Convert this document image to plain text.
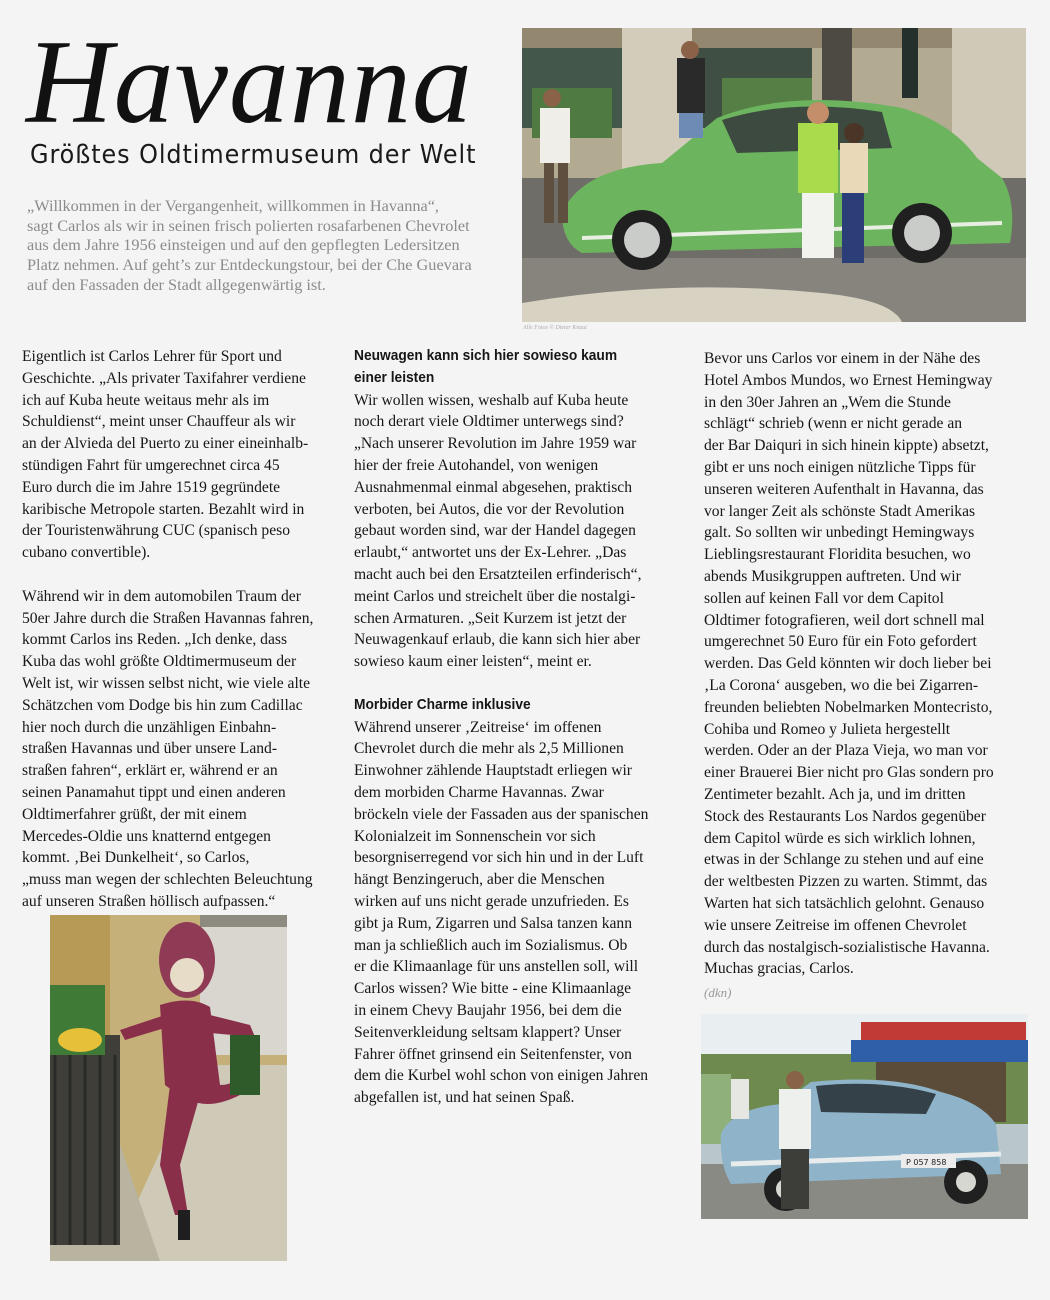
Havanna
Größtes Oldtimermuseum der Welt

„Willkommen in der Vergangenheit, willkommen in Havanna“,
sagt Carlos als wir in seinen frisch polierten rosafarbenen Chevrolet
aus dem Jahre 1956 einsteigen und auf den gepflegten Ledersitzen
Platz nehmen. Auf geht’s zur Entdeckungstour, bei der Che Guevara
auf den Fassaden der Stadt allgegenwärtig ist.

Alle Fotos © Dieter Knaut
Eigentlich ist Carlos Lehrer für Sport und
Geschichte. „Als privater Taxifahrer verdiene
ich auf Kuba heute weitaus mehr als im
Schuldienst“, meint unser Chauffeur als wir
an der Alvieda del Puerto zu einer eineinhalb-
stündigen Fahrt für umgerechnet circa 45
Euro durch die im Jahre 1519 gegründete
karibische Metropole starten. Bezahlt wird in
der Touristenwährung CUC (spanisch peso
cubano convertible).
Während wir in dem automobilen Traum der
50er Jahre durch die Straßen Havannas fahren,
kommt Carlos ins Reden. „Ich denke, dass
Kuba das wohl größte Oldtimermuseum der
Welt ist, wir wissen selbst nicht, wie viele alte
Schätzchen vom Dodge bis hin zum Cadillac
hier noch durch die unzähligen Einbahn-
straßen Havannas und über unsere Land-
straßen fahren“, erklärt er, während er an
seinen Panamahut tippt und einen anderen
Oldtimerfahrer grüßt, der mit einem
Mercedes-Oldie uns knatternd entgegen
kommt. ‚Bei Dunkelheit‘, so Carlos,
„muss man wegen der schlechten Beleuchtung
auf unseren Straßen höllisch aufpassen.“
Neuwagen kann sich hier sowieso kaum
einer leisten
Wir wollen wissen, weshalb auf Kuba heute
noch derart viele Oldtimer unterwegs sind?
„Nach unserer Revolution im Jahre 1959 war
hier der freie Autohandel, von wenigen
Ausnahmenmal einmal abgesehen, praktisch
verboten, bei Autos, die vor der Revolution
gebaut worden sind, war der Handel dagegen
erlaubt,“ antwortet uns der Ex-Lehrer. „Das
macht auch bei den Ersatzteilen erfinderisch“,
meint Carlos und streichelt über die nostalgi-
schen Armaturen. „Seit Kurzem ist jetzt der
Neuwagenkauf erlaub, die kann sich hier aber
sowieso kaum einer leisten“, meint er.
Morbider Charme inklusive
Während unserer ‚Zeitreise‘ im offenen
Chevrolet durch die mehr als 2,5 Millionen
Einwohner zählende Hauptstadt erliegen wir
dem morbiden Charme Havannas. Zwar
bröckeln viele der Fassaden aus der spanischen
Kolonialzeit im Sonnenschein vor sich
besorgniserregend vor sich hin und in der Luft
hängt Benzingeruch, aber die Menschen
wirken auf uns nicht gerade unzufrieden. Es
gibt ja Rum, Zigarren und Salsa tanzen kann
man ja schließlich auch im Sozialismus. Ob
er die Klimaanlage für uns anstellen soll, will
Carlos wissen? Wie bitte - eine Klimaanlage
in einem Chevy Baujahr 1956, bei dem die
Seitenverkleidung seltsam klappert? Unser
Fahrer öffnet grinsend ein Seitenfenster, von
dem die Kurbel wohl schon von einigen Jahren
abgefallen ist, und hat seinen Spaß.
Bevor uns Carlos vor einem in der Nähe des
Hotel Ambos Mundos, wo Ernest Hemingway
in den 30er Jahren an „Wem die Stunde
schlägt“ schrieb (wenn er nicht gerade an
der Bar Daiquri in sich hinein kippte) absetzt,
gibt er uns noch einigen nützliche Tipps für
unseren weiteren Aufenthalt in Havanna, das
vor langer Zeit als schönste Stadt Amerikas
galt. So sollten wir unbedingt Hemingways
Lieblingsrestaurant Floridita besuchen, wo
abends Musikgruppen auftreten. Und wir
sollen auf keinen Fall vor dem Capitol
Oldtimer fotografieren, weil dort schnell mal
umgerechnet 50 Euro für ein Foto gefordert
werden. Das Geld könnten wir doch lieber bei
‚La Corona‘ ausgeben, wo die bei Zigarren-
freunden beliebten Nobelmarken Montecristo,
Cohiba und Romeo y Julieta hergestellt
werden. Oder an der Plaza Vieja, wo man vor
einer Brauerei Bier nicht pro Glas sondern pro
Zentimeter bezahlt. Ach ja, und im dritten
Stock des Restaurants Los Nardos gegenüber
dem Capitol würde es sich wirklich lohnen,
etwas in der Schlange zu stehen und auf eine
der weltbesten Pizzen zu warten. Stimmt, das
Warten hat sich tatsächlich gelohnt. Genauso
wie unsere Zeitreise im offenen Chevrolet
durch das nostalgisch-sozialistische Havanna.
Muchas gracias, Carlos.
(dkn)
P 057 858
